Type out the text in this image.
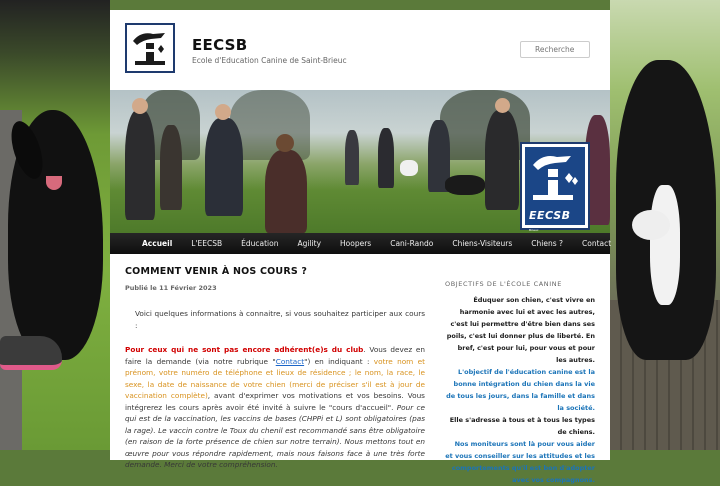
EECSB
Ecole d'Education Canine de Saint-Brieuc
Recherche
EECSB
Ecole d'Education Canine de Saint-Brieuc
Accueil	L'EECSB	Éducation	Agility	Hoopers	Cani-Rando	Chiens-Visiteurs	Chiens ?	Contact
COMMENT VENIR À NOS COURS ?
Publié le 11 Février 2023

Voici quelques informations à connaitre, si vous souhaitez participer aux cours :

Pour ceux qui ne sont pas encore adhérent(e)s du club. Vous devez en faire la demande (via notre rubrique "Contact") en indiquant : votre nom et prénom, votre numéro de téléphone et lieux de résidence ; le nom, la race, le sexe, la date de naissance de votre chien (merci de préciser s'il est à jour de vaccination complète), avant d'exprimer vos motivations et vos besoins. Vous intégrerez les cours après avoir été invité à suivre le "cours d'accueil". Pour ce qui est de la vaccination, les vaccins de bases (CHPPi et L) sont obligatoires (pas la rage). Le vaccin contre le Toux du chenil est recommandé sans être obligatoire (en raison de la forte présence de chien sur notre terrain). Nous mettons tout en œuvre pour vous répondre rapidement, mais nous faisons face à une très forte demande. Merci de votre compréhension.

OBJECTIFS DE L'ÉCOLE CANINE
Éduquer son chien, c'est vivre en harmonie avec lui et avec les autres, c'est lui permettre d'être bien dans ses poils, c'est lui donner plus de liberté. En bref, c'est pour lui, pour vous et pour les autres.
L'objectif de l'éducation canine est la bonne intégration du chien dans la vie de tous les jours, dans la famille et dans la société.
Elle s'adresse à tous et à tous les types de chiens.
Nos moniteurs sont là pour vous aider et vous conseiller sur les attitudes et les comportements qu'il est bon d'adopter avec vos compagnons.
